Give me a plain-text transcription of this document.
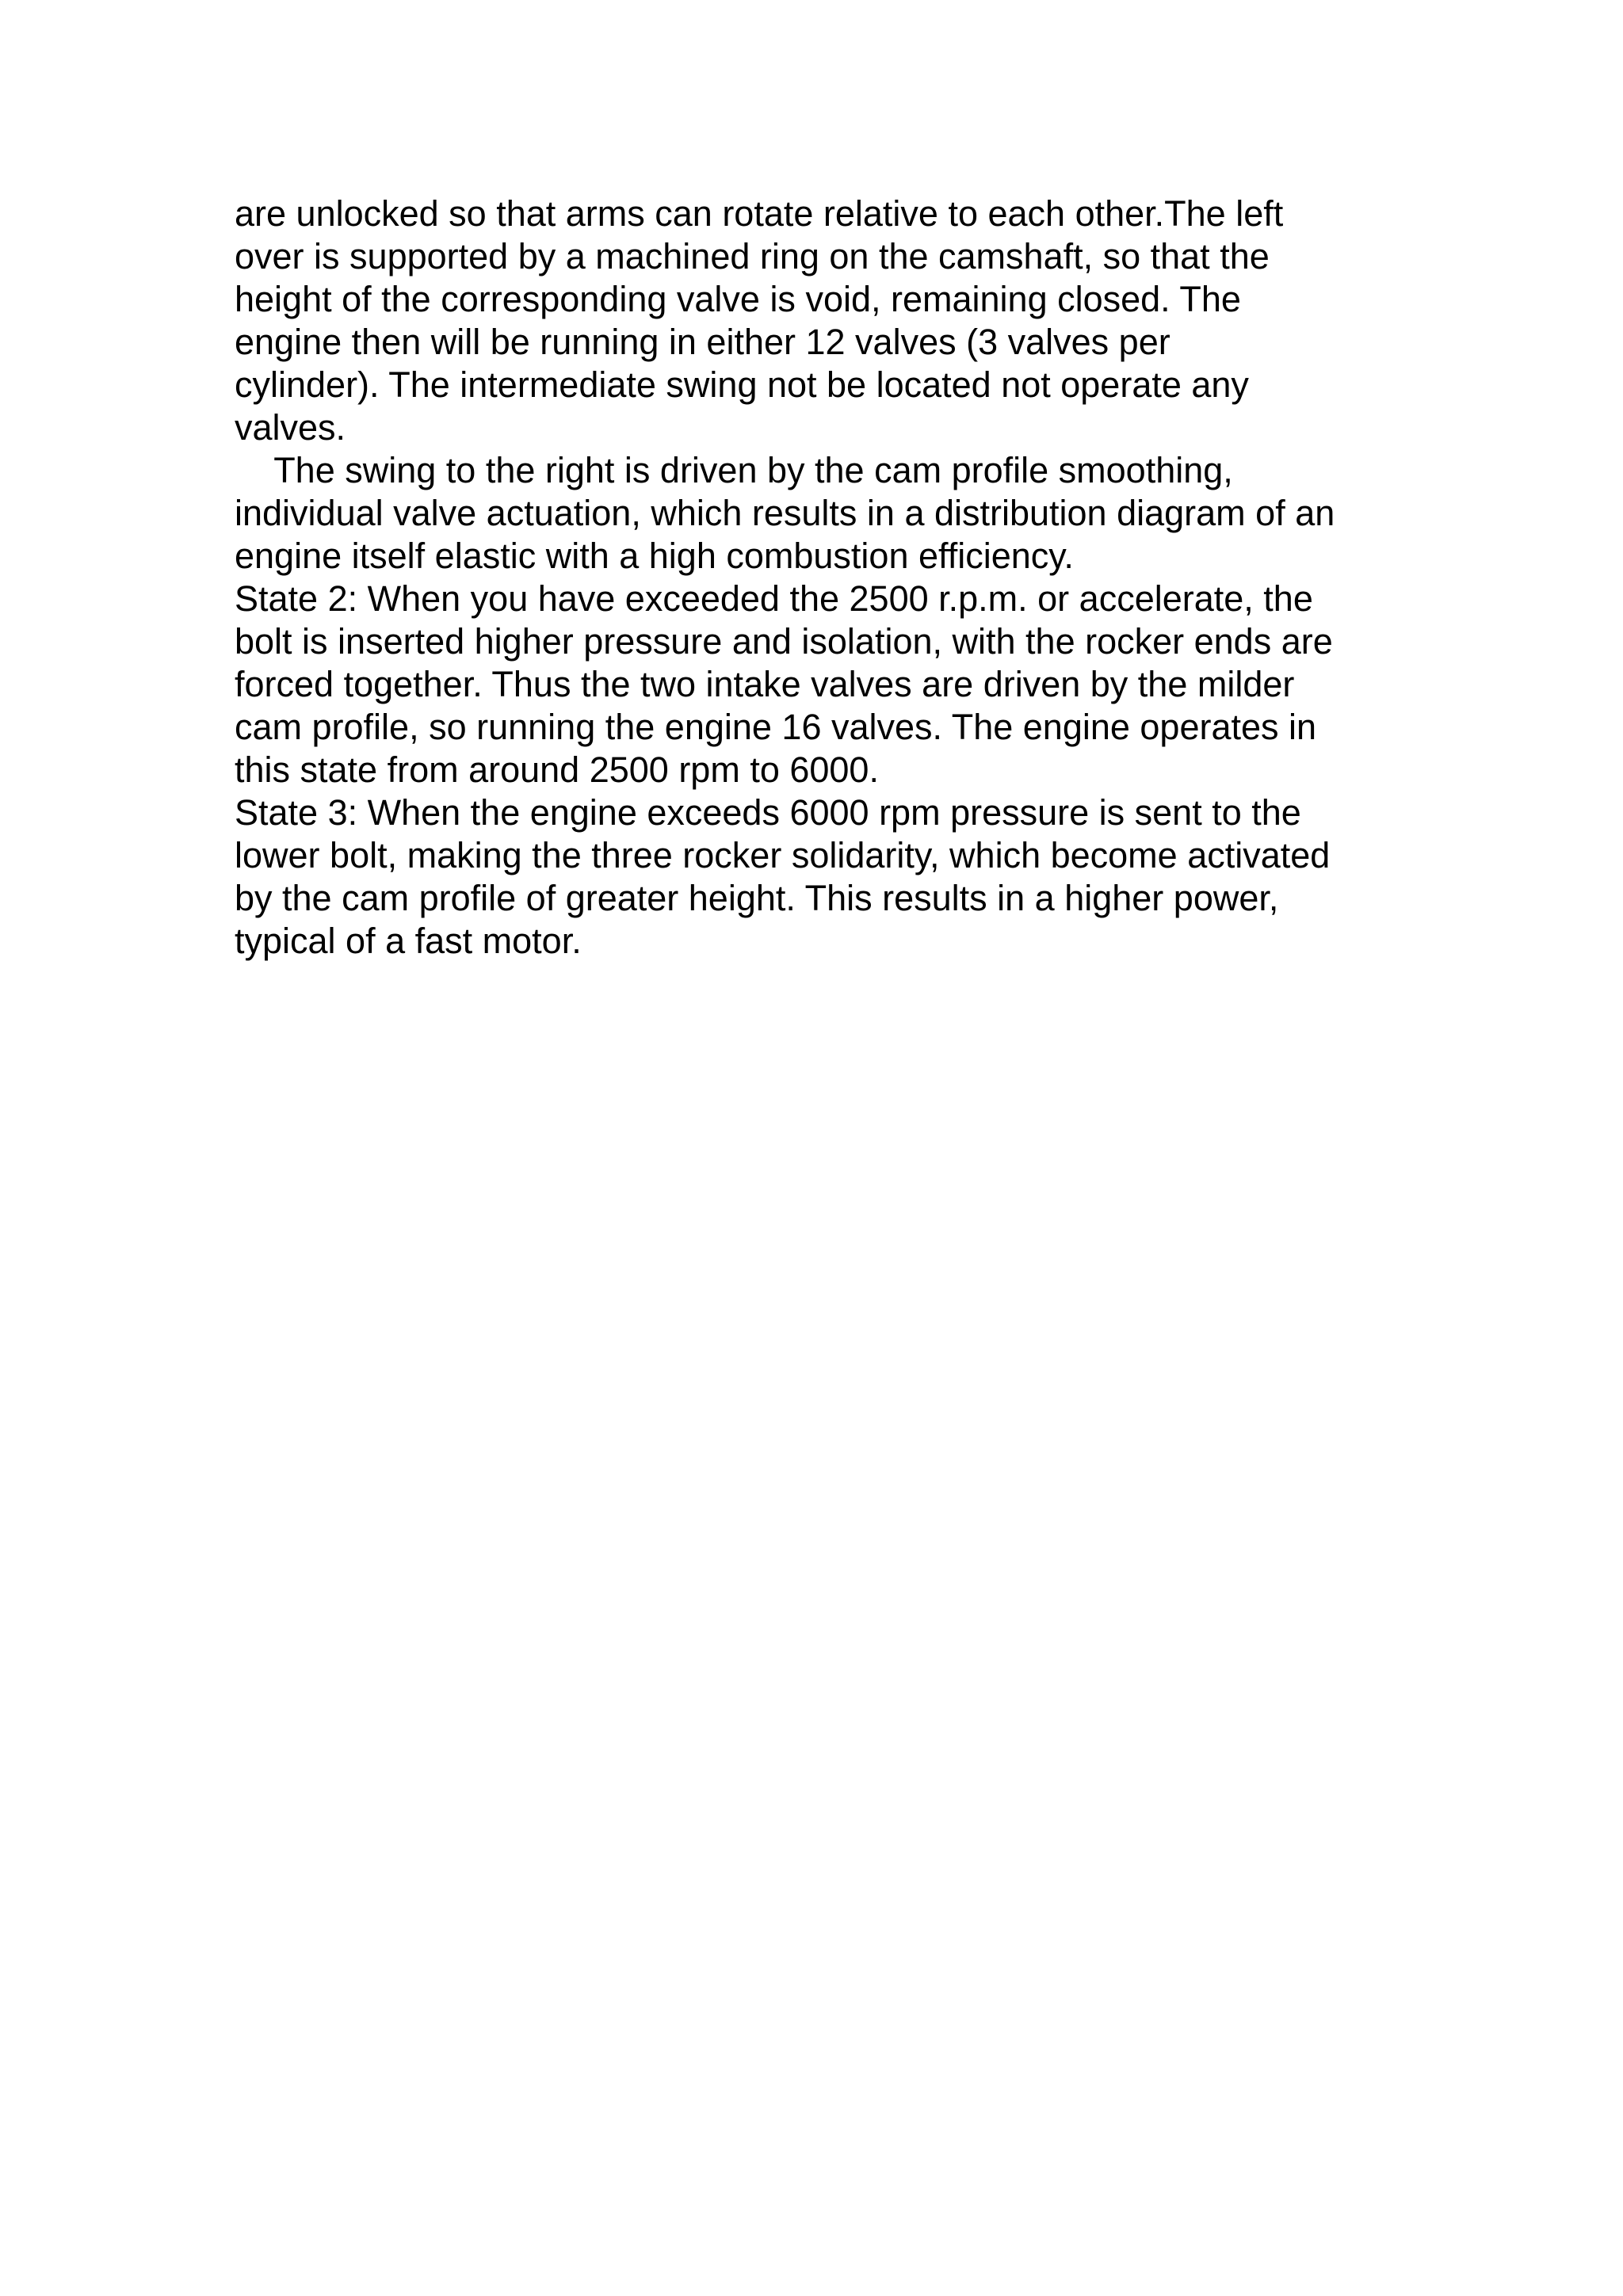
are unlocked so that arms can rotate relative to each other.The left
over is supported by a machined ring on the camshaft, so that the
height of the corresponding valve is void, remaining closed. The
engine then will be running in either 12 valves (3 valves per
cylinder). The intermediate swing not be located not operate any
valves.
The swing to the right is driven by the cam profile smoothing,
individual valve actuation, which results in a distribution diagram of an
engine itself elastic with a high combustion efficiency.
State 2: When you have exceeded the 2500 r.p.m. or accelerate, the
bolt is inserted higher pressure and isolation, with the rocker ends are
forced together. Thus the two intake valves are driven by the milder
cam profile, so running the engine 16 valves. The engine operates in
this state from around 2500 rpm to 6000.
State 3: When the engine exceeds 6000 rpm pressure is sent to the
lower bolt, making the three rocker solidarity, which become activated
by the cam profile of greater height. This results in a higher power,
typical of a fast motor.
